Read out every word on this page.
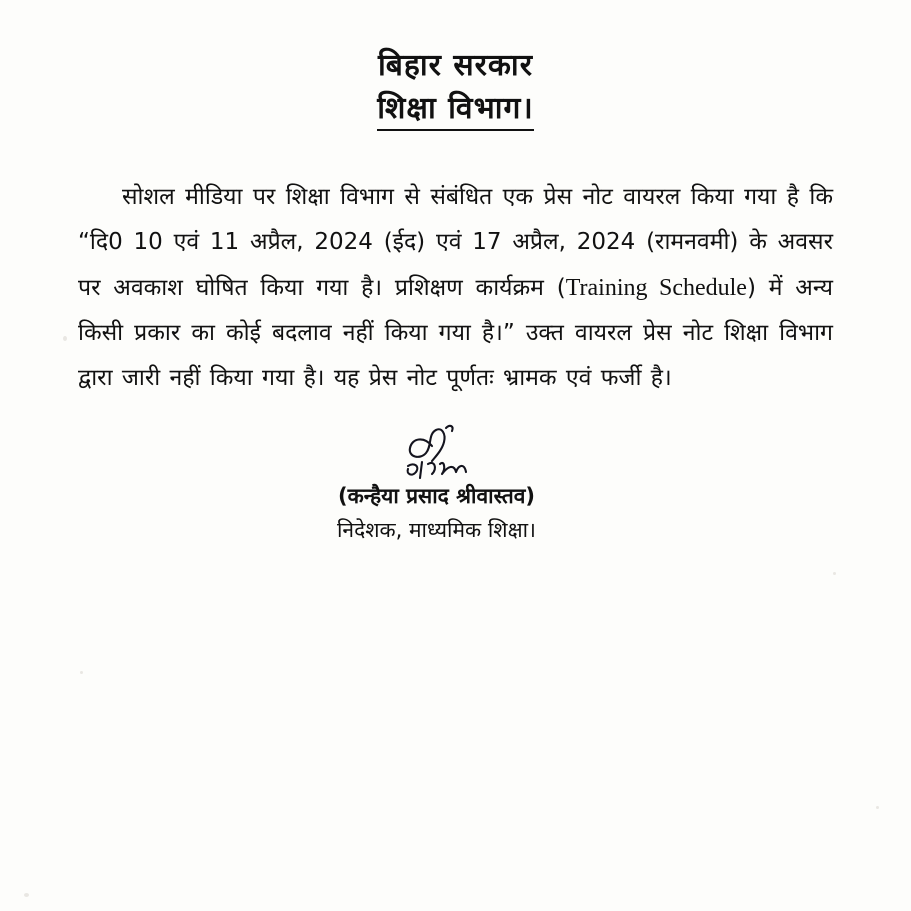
बिहार सरकार
शिक्षा विभाग।

सोशल मीडिया पर शिक्षा विभाग से संबंधित एक प्रेस नोट वायरल किया गया है कि “दि0 10 एवं 11 अप्रैल, 2024 (ईद) एवं 17 अप्रैल, 2024 (रामनवमी) के अवसर पर अवकाश घोषित किया गया है। प्रशिक्षण कार्यक्रम (Training Schedule) में अन्य किसी प्रकार का कोई बदलाव नहीं किया गया है।” उक्त वायरल प्रेस नोट शिक्षा विभाग द्वारा जारी नहीं किया गया है। यह प्रेस नोट पूर्णतः भ्रामक एवं फर्जी है।

(कन्हैया प्रसाद श्रीवास्तव)
निदेशक, माध्यमिक शिक्षा।
